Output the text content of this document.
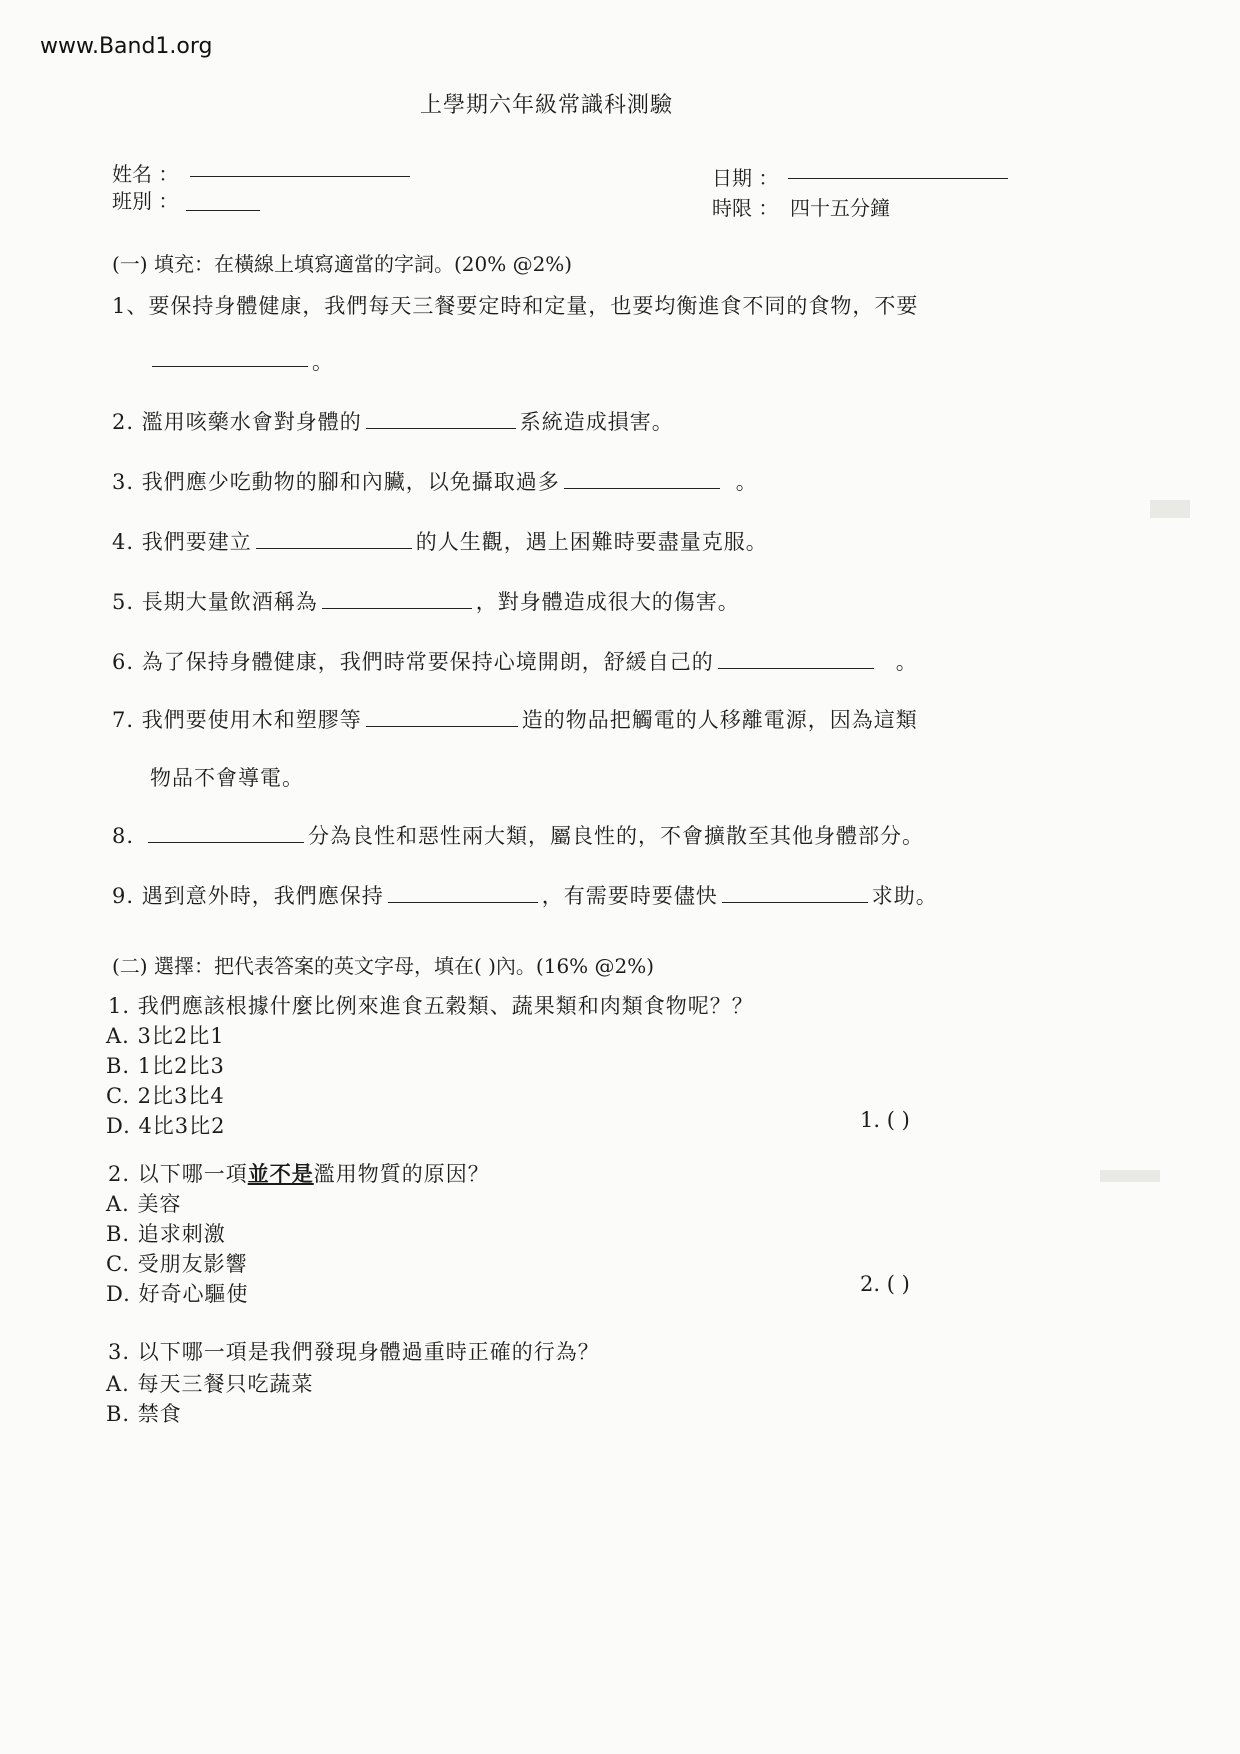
www.Band1.org
上學期六年級常識科測驗
姓名 ：	日期 ：
班別 ：	時限 ： 四十五分鐘
(一) 填充：在橫線上填寫適當的字詞。(20% @2%)
1、要保持身體健康，我們每天三餐要定時和定量，也要均衡進食不同的食物，不要
。
2. 濫用咳藥水會對身體的	系統造成損害。
3. 我們應少吃動物的腳和內臟，以免攝取過多	。
4. 我們要建立	的人生觀，遇上困難時要盡量克服。
5. 長期大量飲酒稱為	，對身體造成很大的傷害。
6. 為了保持身體健康，我們時常要保持心境開朗，舒緩自己的	。
7. 我們要使用木和塑膠等	造的物品把觸電的人移離電源，因為這類
物品不會導電。
8.	分為良性和惡性兩大類，屬良性的，不會擴散至其他身體部分。
9. 遇到意外時，我們應保持	，有需要時要儘快	求助。
(二) 選擇：把代表答案的英文字母，填在( )內。(16% @2%)
1. 我們應該根據什麼比例來進食五穀類、蔬果類和肉類食物呢？？
A. 3比2比1
B. 1比2比3
C. 2比3比4
D. 4比3比2	1. ( )
2. 以下哪一項並不是濫用物質的原因？
A. 美容
B. 追求刺激
C. 受朋友影響
D. 好奇心驅使	2. ( )
3. 以下哪一項是我們發現身體過重時正確的行為？
A. 每天三餐只吃蔬菜
B. 禁食
